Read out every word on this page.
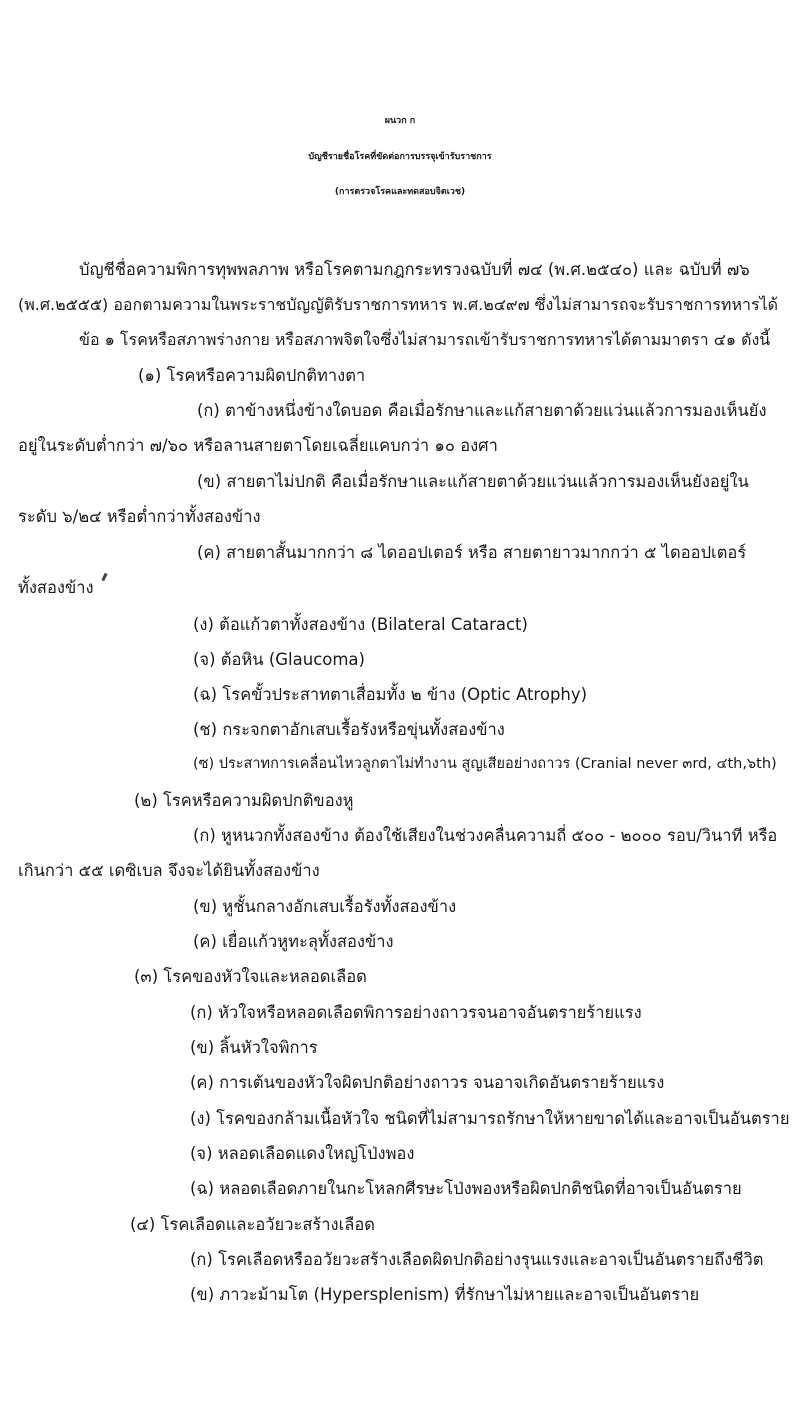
ผนวก ก
บัญชีรายชื่อโรคที่ขัดต่อการบรรจุเข้ารับราชการ
(การตรวจโรคและทดสอบจิตเวช)
บัญชีชื่อความพิการทุพพลภาพ หรือโรคตามกฎกระทรวงฉบับที่ ๗๔ (พ.ศ.๒๕๔๐) และ ฉบับที่ ๗๖
(พ.ศ.๒๕๕๕) ออกตามความในพระราชบัญญัติรับราชการทหาร พ.ศ.๒๔๙๗ ซึ่งไม่สามารถจะรับราชการทหารได้
ข้อ ๑ โรคหรือสภาพร่างกาย หรือสภาพจิตใจซึ่งไม่สามารถเข้ารับราชการทหารได้ตามมาตรา ๔๑ ดังนี้
(๑) โรคหรือความผิดปกติทางตา
(ก) ตาข้างหนึ่งข้างใดบอด คือเมื่อรักษาและแก้สายตาด้วยแว่นแล้วการมองเห็นยัง
อยู่ในระดับต่ำกว่า ๗/๖๐ หรือลานสายตาโดยเฉลี่ยแคบกว่า ๑๐ องศา
(ข) สายตาไม่ปกติ คือเมื่อรักษาและแก้สายตาด้วยแว่นแล้วการมองเห็นยังอยู่ใน
ระดับ ๖/๒๔ หรือต่ำกว่าทั้งสองข้าง
(ค) สายตาสั้นมากกว่า ๘ ไดออปเตอร์ หรือ สายตายาวมากกว่า ๕ ไดออปเตอร์
ทั้งสองข้าง
(ง) ต้อแก้วตาทั้งสองข้าง (Bilateral Cataract)
(จ) ต้อหิน (Glaucoma)
(ฉ) โรคขั้วประสาทตาเสื่อมทั้ง ๒ ข้าง (Optic Atrophy)
(ช) กระจกตาอักเสบเรื้อรังหรือขุ่นทั้งสองข้าง
(ซ) ประสาทการเคลื่อนไหวลูกตาไม่ทำงาน สูญเสียอย่างถาวร (Cranial never ๓rd, ๔th,๖th)
(๒) โรคหรือความผิดปกติของหู
(ก) หูหนวกทั้งสองข้าง ต้องใช้เสียงในช่วงคลื่นความถี่ ๕๐๐ - ๒๐๐๐ รอบ/วินาที หรือ
เกินกว่า ๕๕ เดซิเบล จึงจะได้ยินทั้งสองข้าง
(ข) หูชั้นกลางอักเสบเรื้อรังทั้งสองข้าง
(ค) เยื่อแก้วหูทะลุทั้งสองข้าง
(๓) โรคของหัวใจและหลอดเลือด
(ก) หัวใจหรือหลอดเลือดพิการอย่างถาวรจนอาจอันตรายร้ายแรง
(ข) ลิ้นหัวใจพิการ
(ค) การเต้นของหัวใจผิดปกติอย่างถาวร จนอาจเกิดอันตรายร้ายแรง
(ง) โรคของกล้ามเนื้อหัวใจ ชนิดที่ไม่สามารถรักษาให้หายขาดได้และอาจเป็นอันตราย
(จ) หลอดเลือดแดงใหญ่โป่งพอง
(ฉ) หลอดเลือดภายในกะโหลกศีรษะโป่งพองหรือผิดปกติชนิดที่อาจเป็นอันตราย
(๔) โรคเลือดและอวัยวะสร้างเลือด
(ก) โรคเลือดหรืออวัยวะสร้างเลือดผิดปกติอย่างรุนแรงและอาจเป็นอันตรายถึงชีวิต
(ข) ภาวะม้ามโต (Hypersplenism) ที่รักษาไม่หายและอาจเป็นอันตราย
